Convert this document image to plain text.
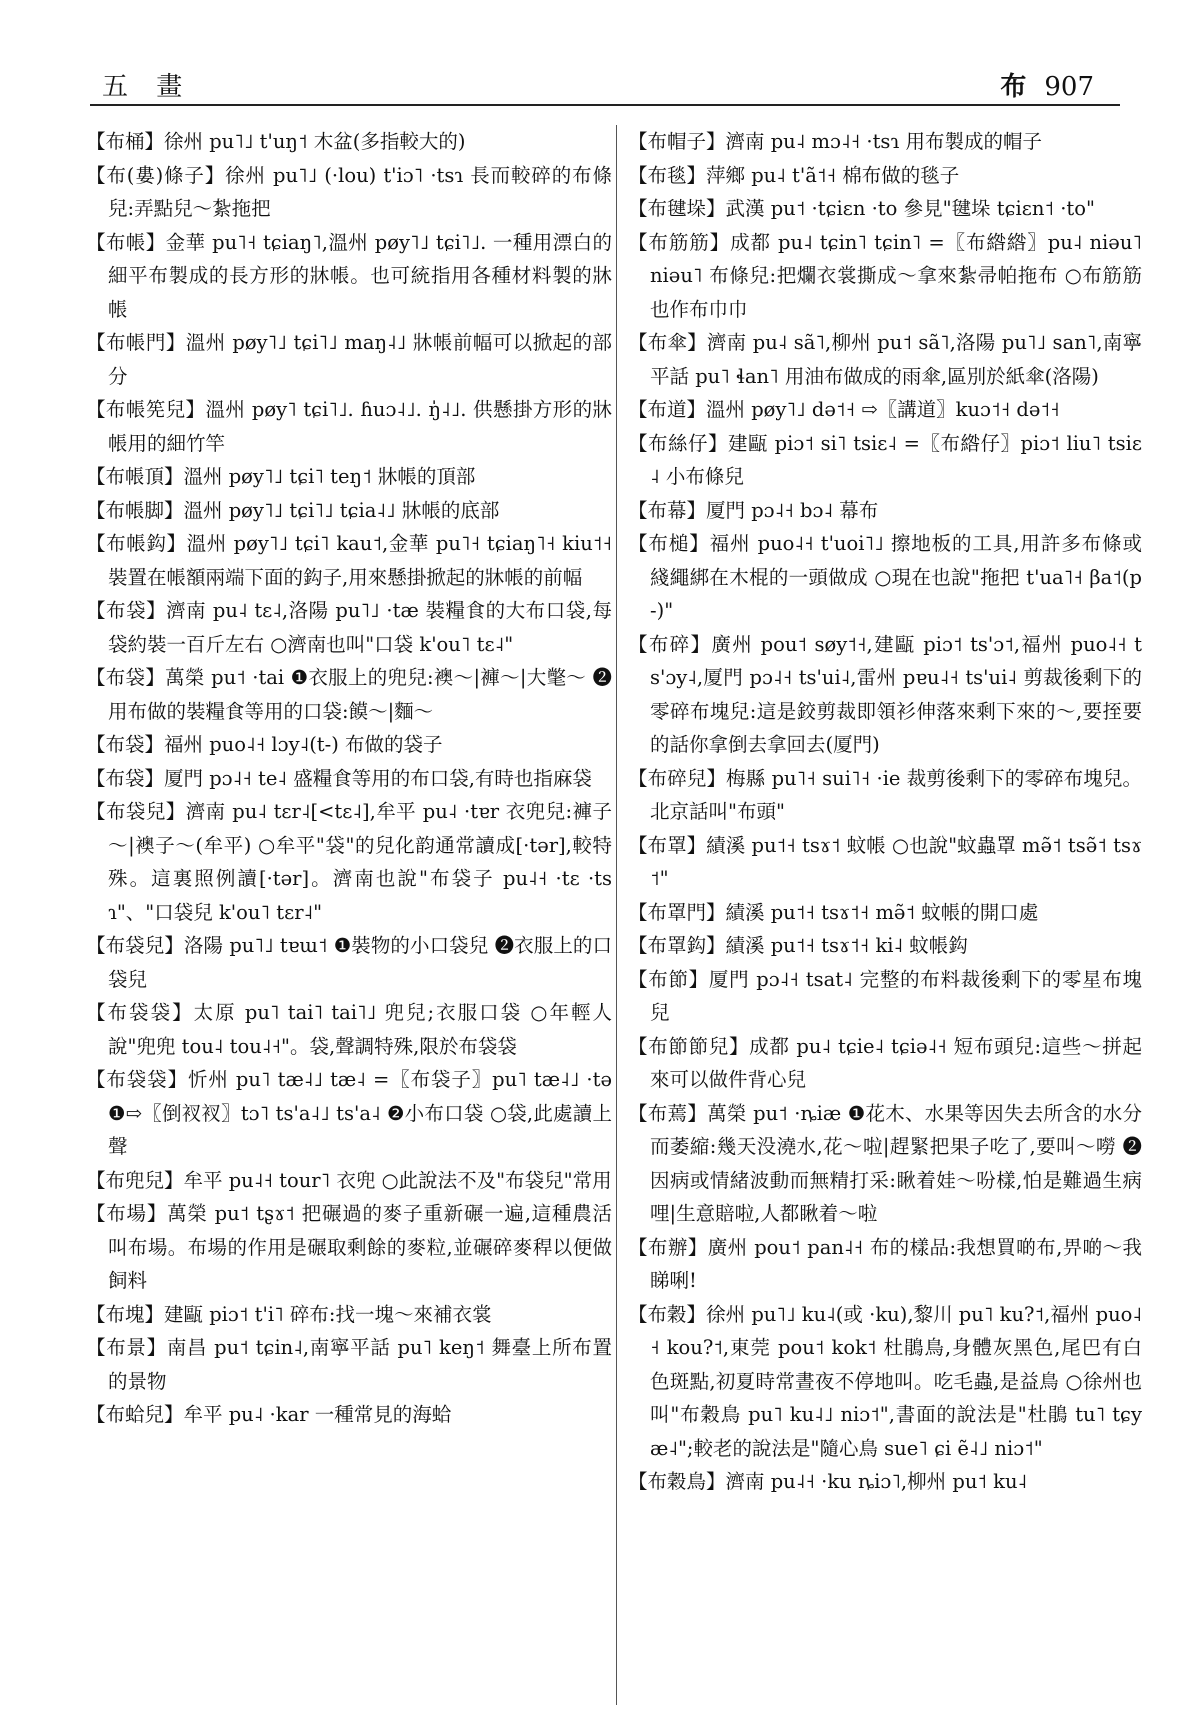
五 畫	布 907

【布桶】徐州 pu˥˩ t'uŋ˦ 木盆(多指較大的)

【布(婁)條子】徐州 pu˥˩ (·lou) t'iɔ˥ ·tsɿ 長而較碎的布條兒:弄點兒～紮拖把

【布帳】金華 pu˥˧ tɕiaŋ˥,溫州 pøy˥˩ tɕi˥˩. 一種用漂白的細平布製成的長方形的牀帳。也可統指用各種材料製的牀帳

【布帳門】溫州 pøy˥˩ tɕi˥˩ maŋ˨˩ 牀帳前幅可以掀起的部分

【布帳筅兒】溫州 pøy˥ tɕi˥˩. ɦuɔ˨˩. ŋ̍˨˩. 供懸掛方形的牀帳用的細竹竿

【布帳頂】溫州 pøy˥˩ tɕi˥ teŋ˦ 牀帳的頂部

【布帳脚】溫州 pøy˥˩ tɕi˥˩ tɕia˨˩ 牀帳的底部

【布帳鈎】溫州 pøy˥˩ tɕi˥ kau˦,金華 pu˥˧ tɕiaŋ˥˧ kiu˦˧ 裝置在帳額兩端下面的鈎子,用來懸掛掀起的牀帳的前幅

【布袋】濟南 pu˨ tɛ˨,洛陽 pu˥˩ ·tæ 裝糧食的大布口袋,每袋約裝一百斤左右 ○濟南也叫"口袋 k'ou˥ tɛ˨"

【布袋】萬榮 pu˦ ·tai ❶衣服上的兜兒:襖～|褲～|大氅～ ❷用布做的裝糧食等用的口袋:饃～|麵～

【布袋】福州 puo˨˧ lɔy˨(t-) 布做的袋子

【布袋】厦門 pɔ˨˧ te˨ 盛糧食等用的布口袋,有時也指麻袋

【布袋兒】濟南 pu˨ tɛr˨[<tɛ˨],牟平 pu˨ ·tɐr 衣兜兒:褲子～|襖子～(牟平) ○牟平"袋"的兒化韵通常讀成[·tər],較特殊。這裏照例讀[·tər]。濟南也說"布袋子 pu˨˧ ·tɛ ·tsɿ"、"口袋兒 k'ou˥ tɛr˨"

【布袋兒】洛陽 pu˥˩ tɐɯ˦ ❶裝物的小口袋兒 ❷衣服上的口袋兒

【布袋袋】太原 pu˥ tai˥ tai˥˩ 兜兒;衣服口袋 ○年輕人說"兜兜 tou˨ tou˨˧"。袋,聲調特殊,限於布袋袋

【布袋袋】忻州 pu˥ tæ˨˩ tæ˨ =〖布袋子〗pu˥ tæ˨˩ ·tə ❶⇨〖倒衩衩〗tɔ˥ ts'a˨˩ ts'a˨ ❷小布口袋 ○袋,此處讀上聲

【布兜兒】牟平 pu˨˧ tour˥ 衣兜 ○此說法不及"布袋兒"常用

【布場】萬榮 pu˦ tʂɤ˦ 把碾過的麥子重新碾一遍,這種農活叫布場。布場的作用是碾取剩餘的麥粒,並碾碎麥稈以便做飼料

【布塊】建甌 piɔ˦ t'i˥ 碎布:找一塊～來補衣裳

【布景】南昌 pu˦ tɕin˨,南寧平話 pu˥ keŋ˦ 舞臺上所布置的景物

【布蛤兒】牟平 pu˨ ·kar 一種常見的海蛤

【布帽子】濟南 pu˨ mɔ˨˧ ·tsɿ 用布製成的帽子

【布毯】萍鄉 pu˨ t'ã˦˧ 棉布做的毯子

【布毽垛】武漢 pu˦ ·tɕiɛn ·to 參見"毽垛 tɕiɛn˦ ·to"

【布筋筋】成都 pu˨ tɕin˥ tɕin˥ =〖布綹綹〗pu˨ niəu˥ niəu˥ 布條兒:把爛衣裳撕成～拿來紮帚帕拖布 ○布筋筋也作布巾巾

【布傘】濟南 pu˨ sã˥,柳州 pu˦ sã˥,洛陽 pu˥˩ san˥,南寧平話 pu˥ ɬan˥ 用油布做成的雨傘,區別於紙傘(洛陽)

【布道】溫州 pøy˥˩ də˦˧ ⇨〖講道〗kuɔ˦˧ də˦˧

【布絲仔】建甌 piɔ˦ si˥ tsiɛ˨ =〖布綹仔〗piɔ˦ liu˥ tsiɛ˨ 小布條兒

【布幕】厦門 pɔ˨˧ bɔ˨ 幕布

【布槌】福州 puo˨˧ t'uoi˥˩ 擦地板的工具,用許多布條或綫繩綁在木棍的一頭做成 ○現在也說"拖把 t'ua˥˧ βa˦(p-)"

【布碎】廣州 pou˦ søy˦˧,建甌 piɔ˦ ts'ɔ˦,福州 puo˨˧ ts'ɔy˨,厦門 pɔ˨˧ ts'ui˨,雷州 pɐu˨˧ ts'ui˨ 剪裁後剩下的零碎布塊兒:這是鉸剪裁即領衫伸落來剩下來的～,要挃要的話你拿倒去拿回去(厦門)

【布碎兒】梅縣 pu˥˧ sui˥˧ ·ie 裁剪後剩下的零碎布塊兒。北京話叫"布頭"

【布罩】績溪 pu˦˧ tsɤ˦ 蚊帳 ○也說"蚊蟲罩 mə̃˦ tsə̃˦ tsɤ˦"

【布罩門】績溪 pu˦˧ tsɤ˦˧ mə̃˦ 蚊帳的開口處

【布罩鈎】績溪 pu˦˧ tsɤ˦˧ ki˨ 蚊帳鈎

【布節】厦門 pɔ˨˧ tsat˨ 完整的布料裁後剩下的零星布塊兒

【布節節兒】成都 pu˨ tɕie˨ tɕiə˨˧ 短布頭兒:這些～拼起來可以做件背心兒

【布蔫】萬榮 pu˦ ·ȵiæ ❶花木、水果等因失去所含的水分而萎縮:幾天没澆水,花～啦|趕緊把果子吃了,要叫～嘮 ❷因病或情緒波動而無精打采:瞅着娃～吩樣,怕是難過生病哩|生意賠啦,人都瞅着～啦

【布辦】廣州 pou˦ pan˨˧ 布的樣品:我想買啲布,畀啲～我睇唎!

【布穀】徐州 pu˥˩ ku˨(或 ·ku),黎川 pu˥ ku?˦,福州 puo˨˧ kou?˦,東莞 pou˦ kok˦ 杜鵑鳥,身體灰黑色,尾巴有白色斑點,初夏時常晝夜不停地叫。吃毛蟲,是益鳥 ○徐州也叫"布穀鳥 pu˥ ku˨˩ niɔ˦",書面的說法是"杜鵑 tu˥ tɕyæ˨";較老的說法是"隨心鳥 sue˥ ɕi ẽ˨˩ niɔ˦"

【布穀鳥】濟南 pu˨˧ ·ku ȵiɔ˥,柳州 pu˦ ku˨
